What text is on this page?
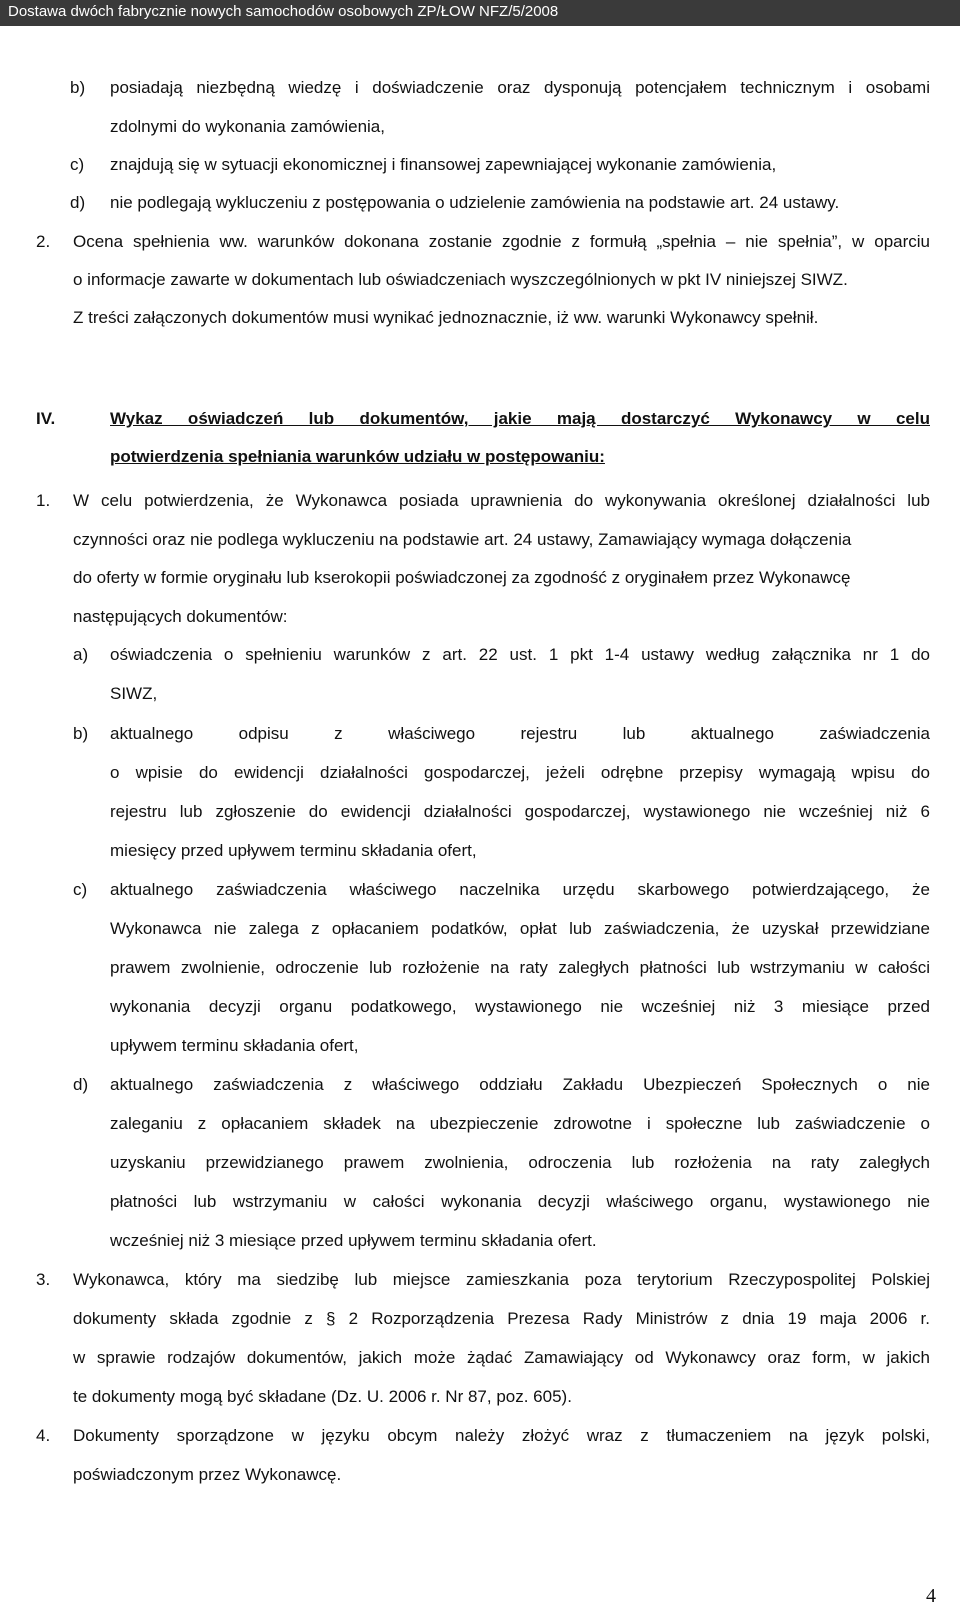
Dostawa dwóch fabrycznie nowych samochodów osobowych ZP/ŁOW NFZ/5/2008
b) posiadają niezbędną wiedzę i doświadczenie oraz dysponują potencjałem technicznym i osobami
zdolnymi do wykonania zamówienia,
c) znajdują się w sytuacji ekonomicznej i finansowej zapewniającej wykonanie zamówienia,
d) nie podlegają wykluczeniu z postępowania o udzielenie zamówienia na podstawie art. 24 ustawy.
2. Ocena spełnienia ww. warunków dokonana zostanie zgodnie z formułą „spełnia – nie spełnia”, w oparciu
o informacje zawarte w dokumentach lub oświadczeniach wyszczególnionych w pkt IV niniejszej SIWZ.
Z treści załączonych dokumentów musi wynikać jednoznacznie, iż ww. warunki Wykonawcy spełnił.
1. W celu potwierdzenia, że Wykonawca posiada uprawnienia do wykonywania określonej działalności lub
czynności oraz nie podlega wykluczeniu na podstawie art. 24 ustawy, Zamawiający wymaga dołączenia
do oferty w formie oryginału lub kserokopii poświadczonej za zgodność z oryginałem przez Wykonawcę
następujących dokumentów:
a) oświadczenia o spełnieniu warunków z art. 22 ust. 1 pkt 1-4 ustawy według załącznika nr 1 do
SIWZ,
b) aktualnego odpisu z właściwego rejestru lub aktualnego zaświadczenia
o wpisie do ewidencji działalności gospodarczej, jeżeli odrębne przepisy wymagają wpisu do
rejestru lub zgłoszenie do ewidencji działalności gospodarczej, wystawionego nie wcześniej niż 6
miesięcy przed upływem terminu składania ofert,
c) aktualnego zaświadczenia właściwego naczelnika urzędu skarbowego potwierdzającego, że
Wykonawca nie zalega z opłacaniem podatków, opłat lub zaświadczenia, że uzyskał przewidziane
prawem zwolnienie, odroczenie lub rozłożenie na raty zaległych płatności lub wstrzymaniu w całości
wykonania decyzji organu podatkowego, wystawionego nie wcześniej niż 3 miesiące przed
upływem terminu składania ofert,
d) aktualnego zaświadczenia z właściwego oddziału Zakładu Ubezpieczeń Społecznych o nie
zaleganiu z opłacaniem składek na ubezpieczenie zdrowotne i społeczne lub zaświadczenie o
uzyskaniu przewidzianego prawem zwolnienia, odroczenia lub rozłożenia na raty zaległych
płatności lub wstrzymaniu w całości wykonania decyzji właściwego organu, wystawionego nie
wcześniej niż 3 miesiące przed upływem terminu składania ofert.
3. Wykonawca, który ma siedzibę lub miejsce zamieszkania poza terytorium Rzeczypospolitej Polskiej
dokumenty składa zgodnie z § 2 Rozporządzenia Prezesa Rady Ministrów z dnia 19 maja 2006 r.
w sprawie rodzajów dokumentów, jakich może żądać Zamawiający od Wykonawcy oraz form, w jakich
te dokumenty mogą być składane (Dz. U. 2006 r. Nr 87, poz. 605).
4. Dokumenty sporządzone w języku obcym należy złożyć wraz z tłumaczeniem na język polski,
poświadczonym przez Wykonawcę.
IV.	Wykaz oświadczeń lub dokumentów, jakie mają dostarczyć Wykonawcy w celu
potwierdzenia spełniania warunków udziału w postępowaniu:
4
